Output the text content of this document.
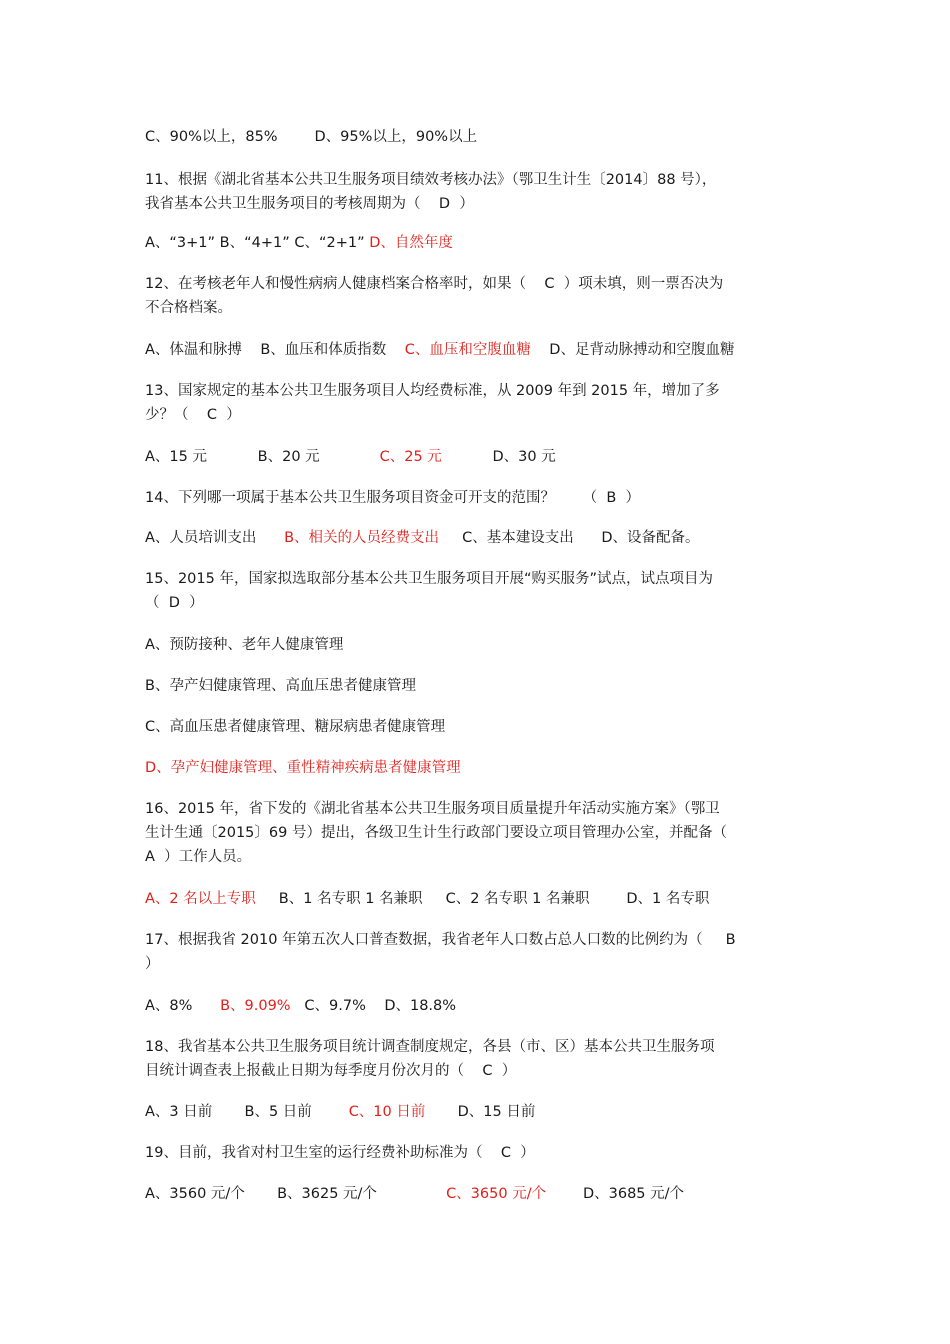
C、90%以上，85%        D、95%以上，90%以上
11、根据《湖北省基本公共卫生服务项目绩效考核办法》（鄂卫生计生〔2014〕88 号），
我省基本公共卫生服务项目的考核周期为（    D  ）
A、“3+1” B、“4+1” C、“2+1” D、自然年度
12、在考核老年人和慢性病病人健康档案合格率时，如果（    C  ）项未填，则一票否决为
不合格档案。
A、体温和脉搏    B、血压和体质指数    C、血压和空腹血糖    D、足背动脉搏动和空腹血糖
13、国家规定的基本公共卫生服务项目人均经费标准，从 2009 年到 2015 年，增加了多
少？（    C  ）
A、15 元           B、20 元             C、25 元           D、30 元
14、下列哪一项属于基本公共卫生服务项目资金可开支的范围？      （  B  ）
A、人员培训支出      B、相关的人员经费支出     C、基本建设支出      D、设备配备。
15、2015 年，国家拟选取部分基本公共卫生服务项目开展“购买服务”试点，试点项目为
（  D  ）
A、预防接种、老年人健康管理
B、孕产妇健康管理、高血压患者健康管理
C、高血压患者健康管理、糖尿病患者健康管理
D、孕产妇健康管理、重性精神疾病患者健康管理
16、2015 年，省下发的《湖北省基本公共卫生服务项目质量提升年活动实施方案》（鄂卫
生计生通〔2015〕69 号）提出，各级卫生计生行政部门要设立项目管理办公室，并配备（
A  ）工作人员。
A、2 名以上专职     B、1 名专职 1 名兼职     C、2 名专职 1 名兼职        D、1 名专职
17、根据我省 2010 年第五次人口普查数据，我省老年人口数占总人口数的比例约为（     B
）
A、8%      B、9.09%   C、9.7%    D、18.8%
18、我省基本公共卫生服务项目统计调查制度规定，各县（市、区）基本公共卫生服务项
目统计调查表上报截止日期为每季度月份次月的（    C  ）
A、3 日前       B、5 日前        C、10 日前       D、15 日前
19、目前，我省对村卫生室的运行经费补助标准为（    C  ）
A、3560 元/个       B、3625 元/个               C、3650 元/个        D、3685 元/个
